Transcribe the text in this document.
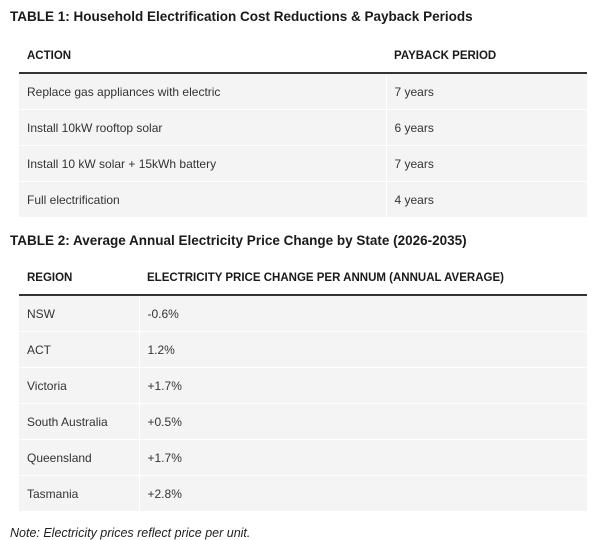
TABLE 1: Household Electrification Cost Reductions & Payback Periods

ACTION	PAYBACK PERIOD
Replace gas appliances with electric	7 years
Install 10kW rooftop solar	6 years
Install 10 kW solar + 15kWh battery	7 years
Full electrification	4 years

TABLE 2: Average Annual Electricity Price Change by State (2026-2035)

REGION	ELECTRICITY PRICE CHANGE PER ANNUM (ANNUAL AVERAGE)
NSW	-0.6%
ACT	1.2%
Victoria	+1.7%
South Australia	+0.5%
Queensland	+1.7%
Tasmania	+2.8%

Note: Electricity prices reflect price per unit.
